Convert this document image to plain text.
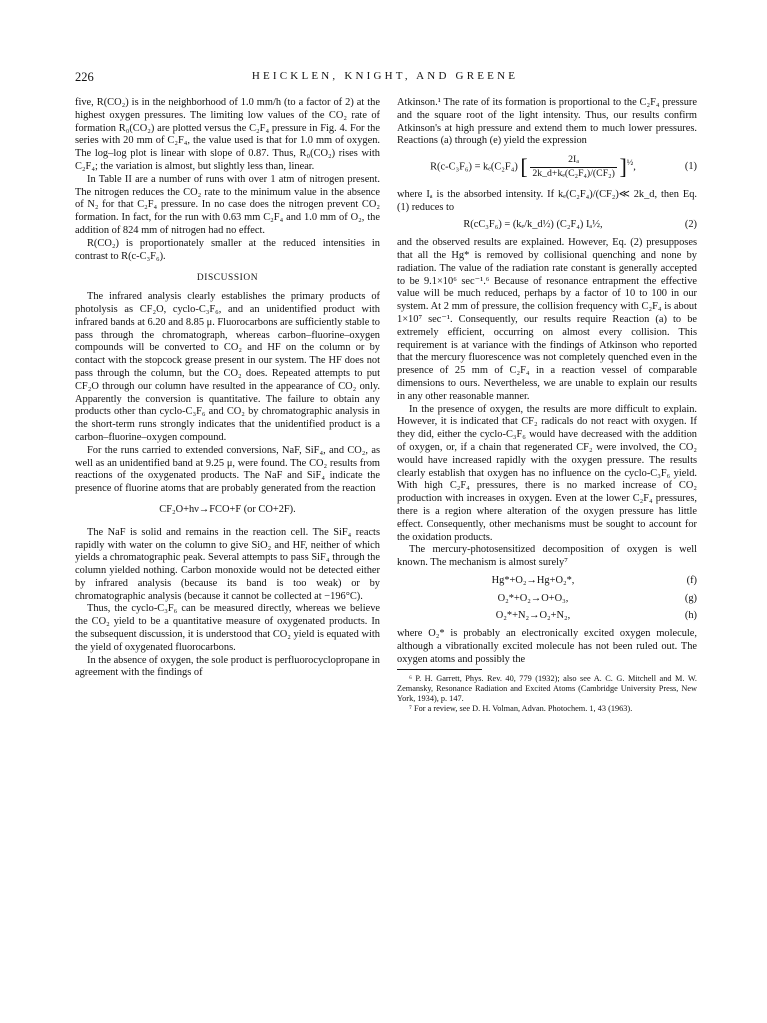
226	HEICKLEN, KNIGHT, AND GREENE

five, R(CO₂) is in the neighborhood of 1.0 mm/h (to a factor of 2) at the highest oxygen pressures. The limiting low values of the CO₂ rate of formation R₀(CO₂) are plotted versus the C₂F₄ pressure in Fig. 4. For the series with 20 mm of C₂F₄, the value used is that for 1.0 mm of oxygen. The log–log plot is linear with slope of 0.87. Thus, R₀(CO₂) rises with C₂F₄; the variation is almost, but slightly less than, linear.

In Table II are a number of runs with over 1 atm of nitrogen present. The nitrogen reduces the CO₂ rate to the minimum value in the absence of N₂ for that C₂F₄ pressure. In no case does the nitrogen prevent CO₂ formation. In fact, for the run with 0.63 mm C₂F₄ and 1.0 mm of O₂, the addition of 824 mm of nitrogen had no effect.

R(CO₂) is proportionately smaller at the reduced intensities in contrast to R(c-C₃F₆).

DISCUSSION

The infrared analysis clearly establishes the primary products of photolysis as CF₂O, cyclo-C₃F₆, and an unidentified product with infrared bands at 6.20 and 8.85 μ. Fluorocarbons are sufficiently stable to pass through the chromatograph, whereas carbon–fluorine–oxygen compounds will be converted to CO₂ and HF on the column or by contact with the stopcock grease present in our system. The HF does not pass through the column, but the CO₂ does. Repeated attempts to put CF₂O through our column have resulted in the appearance of CO₂ only. Apparently the conversion is quantitative. The failure to obtain any products other than cyclo-C₃F₆ and CO₂ by chromatographic analysis in the short-term runs strongly indicates that the unidentified product is a carbon–fluorine–oxygen compound.

For the runs carried to extended conversions, NaF, SiF₄, and CO₂, as well as an unidentified band at 9.25 μ, were found. The CO₂ results from reactions of the oxygenated products. The NaF and SiF₄ indicate the presence of fluorine atoms that are probably generated from the reaction

CF₂O+hν→FCO+F (or CO+2F).

The NaF is solid and remains in the reaction cell. The SiF₄ reacts rapidly with water on the column to give SiO₂ and HF, neither of which yields a chromatographic peak. Several attempts to pass SiF₄ through the column yielded nothing. Carbon monoxide would not be detected either by infrared analysis (because its band is too weak) or by chromatographic analysis (because it cannot be collected at −196°C).

Thus, the cyclo-C₃F₆ can be measured directly, whereas we believe the CO₂ yield to be a quantitative measure of oxygenated products. In the subsequent discussion, it is understood that CO₂ yield is equated with the yield of oxygenated fluorocarbons.

In the absence of oxygen, the sole product is perfluorocyclopropane in agreement with the findings of

Atkinson.¹ The rate of its formation is proportional to the C₂F₄ pressure and the square root of the light intensity. Thus, our results confirm Atkinson's at high pressure and extend them to much lower pressures. Reactions (a) through (e) yield the expression

R(c-C₃F₆) = kₑ(C₂F₄) [ $\frac{\text{2Iₐ}}{\text{2k\_d+kₑ(C₂F₄)/(CF₂)}} ]^{\frac{1}{2}}$,	(1)

where Iₐ is the absorbed intensity. If kₑ(C₂F₄)/(CF₂)≪ 2k_d, then Eq. (1) reduces to

R(cC₃F₆) = (kₑ/k_d½) (C₂F₄) Iₐ½,	(2)

and the observed results are explained. However, Eq. (2) presupposes that all the Hg* is removed by collisional quenching and none by radiation. The value of the radiation rate constant is generally accepted to be 9.1×10⁶ sec⁻¹.⁶ Because of resonance entrapment the effective value will be much reduced, perhaps by a factor of 10 to 100 in our system. At 2 mm of pressure, the collision frequency with C₂F₄ is about 1×10⁷ sec⁻¹. Consequently, our results require Reaction (a) to be extremely efficient, occurring on almost every collision. This requirement is at variance with the findings of Atkinson who reported that the mercury fluorescence was not completely quenched even in the presence of 25 mm of C₂F₄ in a reaction vessel of comparable dimensions to ours. Nevertheless, we are unable to explain our results in any other reasonable manner.

In the presence of oxygen, the results are more difficult to explain. However, it is indicated that CF₂ radicals do not react with oxygen. If they did, either the cyclo-C₃F₆ would have decreased with the addition of oxygen, or, if a chain that regenerated CF₂ were involved, the CO₂ would have increased rapidly with the oxygen pressure. The results clearly establish that oxygen has no influence on the cyclo-C₃F₆ yield. With high C₂F₄ pressures, there is no marked increase of CO₂ production with increases in oxygen. Even at the lower C₂F₄ pressures, there is a region where alteration of the oxygen pressure has little effect. Consequently, other mechanisms must be sought to account for the oxidation products.

The mercury-photosensitized decomposition of oxygen is well known. The mechanism is almost surely⁷

Hg*+O₂→Hg+O₂*,	(f)
O₂*+O₂→O+O₃,	(g)
O₂*+N₂→O₂+N₂,	(h)

where O₂* is probably an electronically excited oxygen molecule, although a vibrationally excited molecule has not been ruled out. The oxygen atoms and possibly the

⁶ P. H. Garrett, Phys. Rev. 40, 779 (1932); also see A. C. G. Mitchell and M. W. Zemansky, Resonance Radiation and Excited Atoms (Cambridge University Press, New York, 1934), p. 147.

⁷ For a review, see D. H. Volman, Advan. Photochem. 1, 43 (1963).
